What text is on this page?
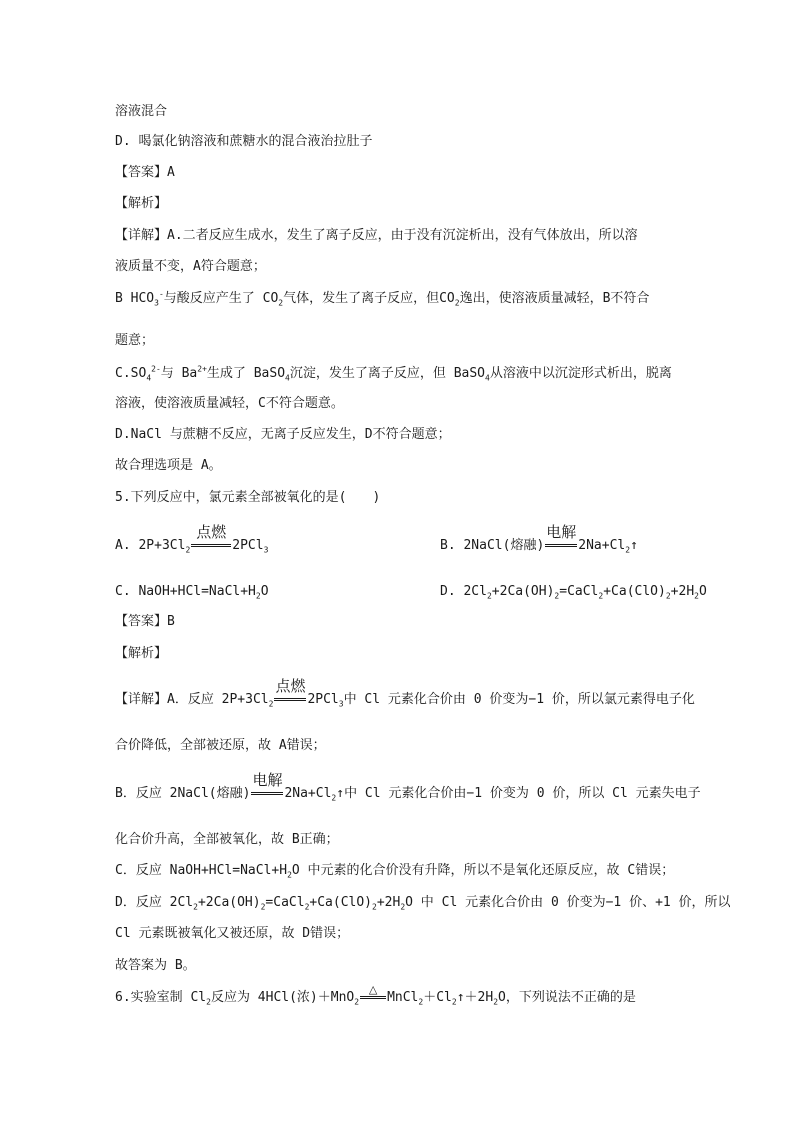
溶液混合
D. 喝氯化钠溶液和蔗糖水的混合液治拉肚子
【答案】A
【解析】
【详解】A.二者反应生成水，发生了离子反应，由于没有沉淀析出，没有气体放出，所以溶
液质量不变，A符合题意；
B $HCO_3^-$与酸反应产生了 $CO_2$气体，发生了离子反应，但$CO_2$逸出，使溶液质量减轻，B不符合
题意；
$C.SO_4^{2-}$与 $Ba^{2+}$生成了 BaSO$_4$沉淀，发生了离子反应，但 BaSO$_4$从溶液中以沉淀形式析出，脱离
溶液，使溶液质量减轻，C不符合题意。
D.NaCl 与蔗糖不反应，无离子反应发生，D不符合题意；
故合理选项是 A。
5.下列反应中，氯元素全部被氧化的是(　　)
A. $2P+3Cl_2$
点燃
2PCl$_3$	B. 2NaCl(熔融)
电解
$2Na+Cl_2↑$
C. $NaOH+HCl=NaCl+H_2O$	D. $2Cl_2+2Ca(OH)_2=CaCl_2+Ca(ClO)_2+2H_2O$
【答案】B
【解析】
【详解】A．反应 $2P+3Cl_2$
点燃
2PCl$_3$中 Cl 元素化合价由 0 价变为−1 价，所以氯元素得电子化
合价降低，全部被还原，故 A错误；
B．反应 2NaCl(熔融)
电解
$2Na+Cl_2↑$中 Cl 元素化合价由−1 价变为 0 价，所以 Cl 元素失电子
化合价升高，全部被氧化，故 B正确；
C．反应 $NaOH+HCl=NaCl+H_2O$ 中元素的化合价没有升降，所以不是氧化还原反应，故 C错误；
D．反应 $2Cl_2+2Ca(OH)_2=CaCl_2+Ca(ClO)_2+2H_2O$ 中 Cl 元素化合价由 0 价变为−1 价、+1 价，所以
Cl 元素既被氧化又被还原，故 D错误；
故答案为 B。
6.实验室制 $Cl_2$反应为 4HCl(浓)＋MnO$_2$
△
$MnCl_2+Cl_2↑+2H_2O$，下列说法不正确的是
